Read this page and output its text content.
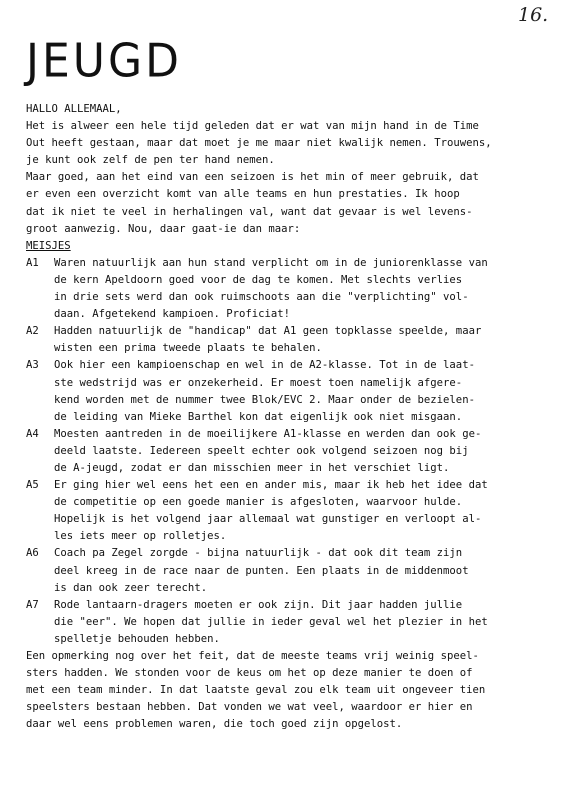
16.
JEUGD
HALLO ALLEMAAL,
Het is alweer een hele tijd geleden dat er wat van mijn hand in de Time
Out heeft gestaan, maar dat moet je me maar niet kwalijk nemen. Trouwens,
je kunt ook zelf de pen ter hand nemen.
Maar goed, aan het eind van een seizoen is het min of meer gebruik, dat
er even een overzicht komt van alle teams en hun prestaties. Ik hoop
dat ik niet te veel in herhalingen val, want dat gevaar is wel levens-
groot aanwezig. Nou, daar gaat-ie dan maar:
MEISJES
A1	Waren natuurlijk aan hun stand verplicht om in de juniorenklasse van
de kern Apeldoorn goed voor de dag te komen. Met slechts verlies
in drie sets werd dan ook ruimschoots aan die "verplichting" vol-
daan. Afgetekend kampioen. Proficiat!
A2	Hadden natuurlijk de "handicap" dat A1 geen topklasse speelde, maar
wisten een prima tweede plaats te behalen.
A3	Ook hier een kampioenschap en wel in de A2-klasse. Tot in de laat-
ste wedstrijd was er onzekerheid. Er moest toen namelijk afgere-
kend worden met de nummer twee Blok/EVC 2. Maar onder de bezielen-
de leiding van Mieke Barthel kon dat eigenlijk ook niet misgaan.
A4	Moesten aantreden in de moeilijkere A1-klasse en werden dan ook ge-
deeld laatste. Iedereen speelt echter ook volgend seizoen nog bij
de A-jeugd, zodat er dan misschien meer in het verschiet ligt.
A5	Er ging hier wel eens het een en ander mis, maar ik heb het idee dat
de competitie op een goede manier is afgesloten, waarvoor hulde.
Hopelijk is het volgend jaar allemaal wat gunstiger en verloopt al-
les iets meer op rolletjes.
A6	Coach pa Zegel zorgde - bijna natuurlijk - dat ook dit team zijn
deel kreeg in de race naar de punten. Een plaats in de middenmoot
is dan ook zeer terecht.
A7	Rode lantaarn-dragers moeten er ook zijn. Dit jaar hadden jullie
die "eer". We hopen dat jullie in ieder geval wel het plezier in het
spelletje behouden hebben.
Een opmerking nog over het feit, dat de meeste teams vrij weinig speel-
sters hadden. We stonden voor de keus om het op deze manier te doen of
met een team minder. In dat laatste geval zou elk team uit ongeveer tien
speelsters bestaan hebben. Dat vonden we wat veel, waardoor er hier en
daar wel eens problemen waren, die toch goed zijn opgelost.
